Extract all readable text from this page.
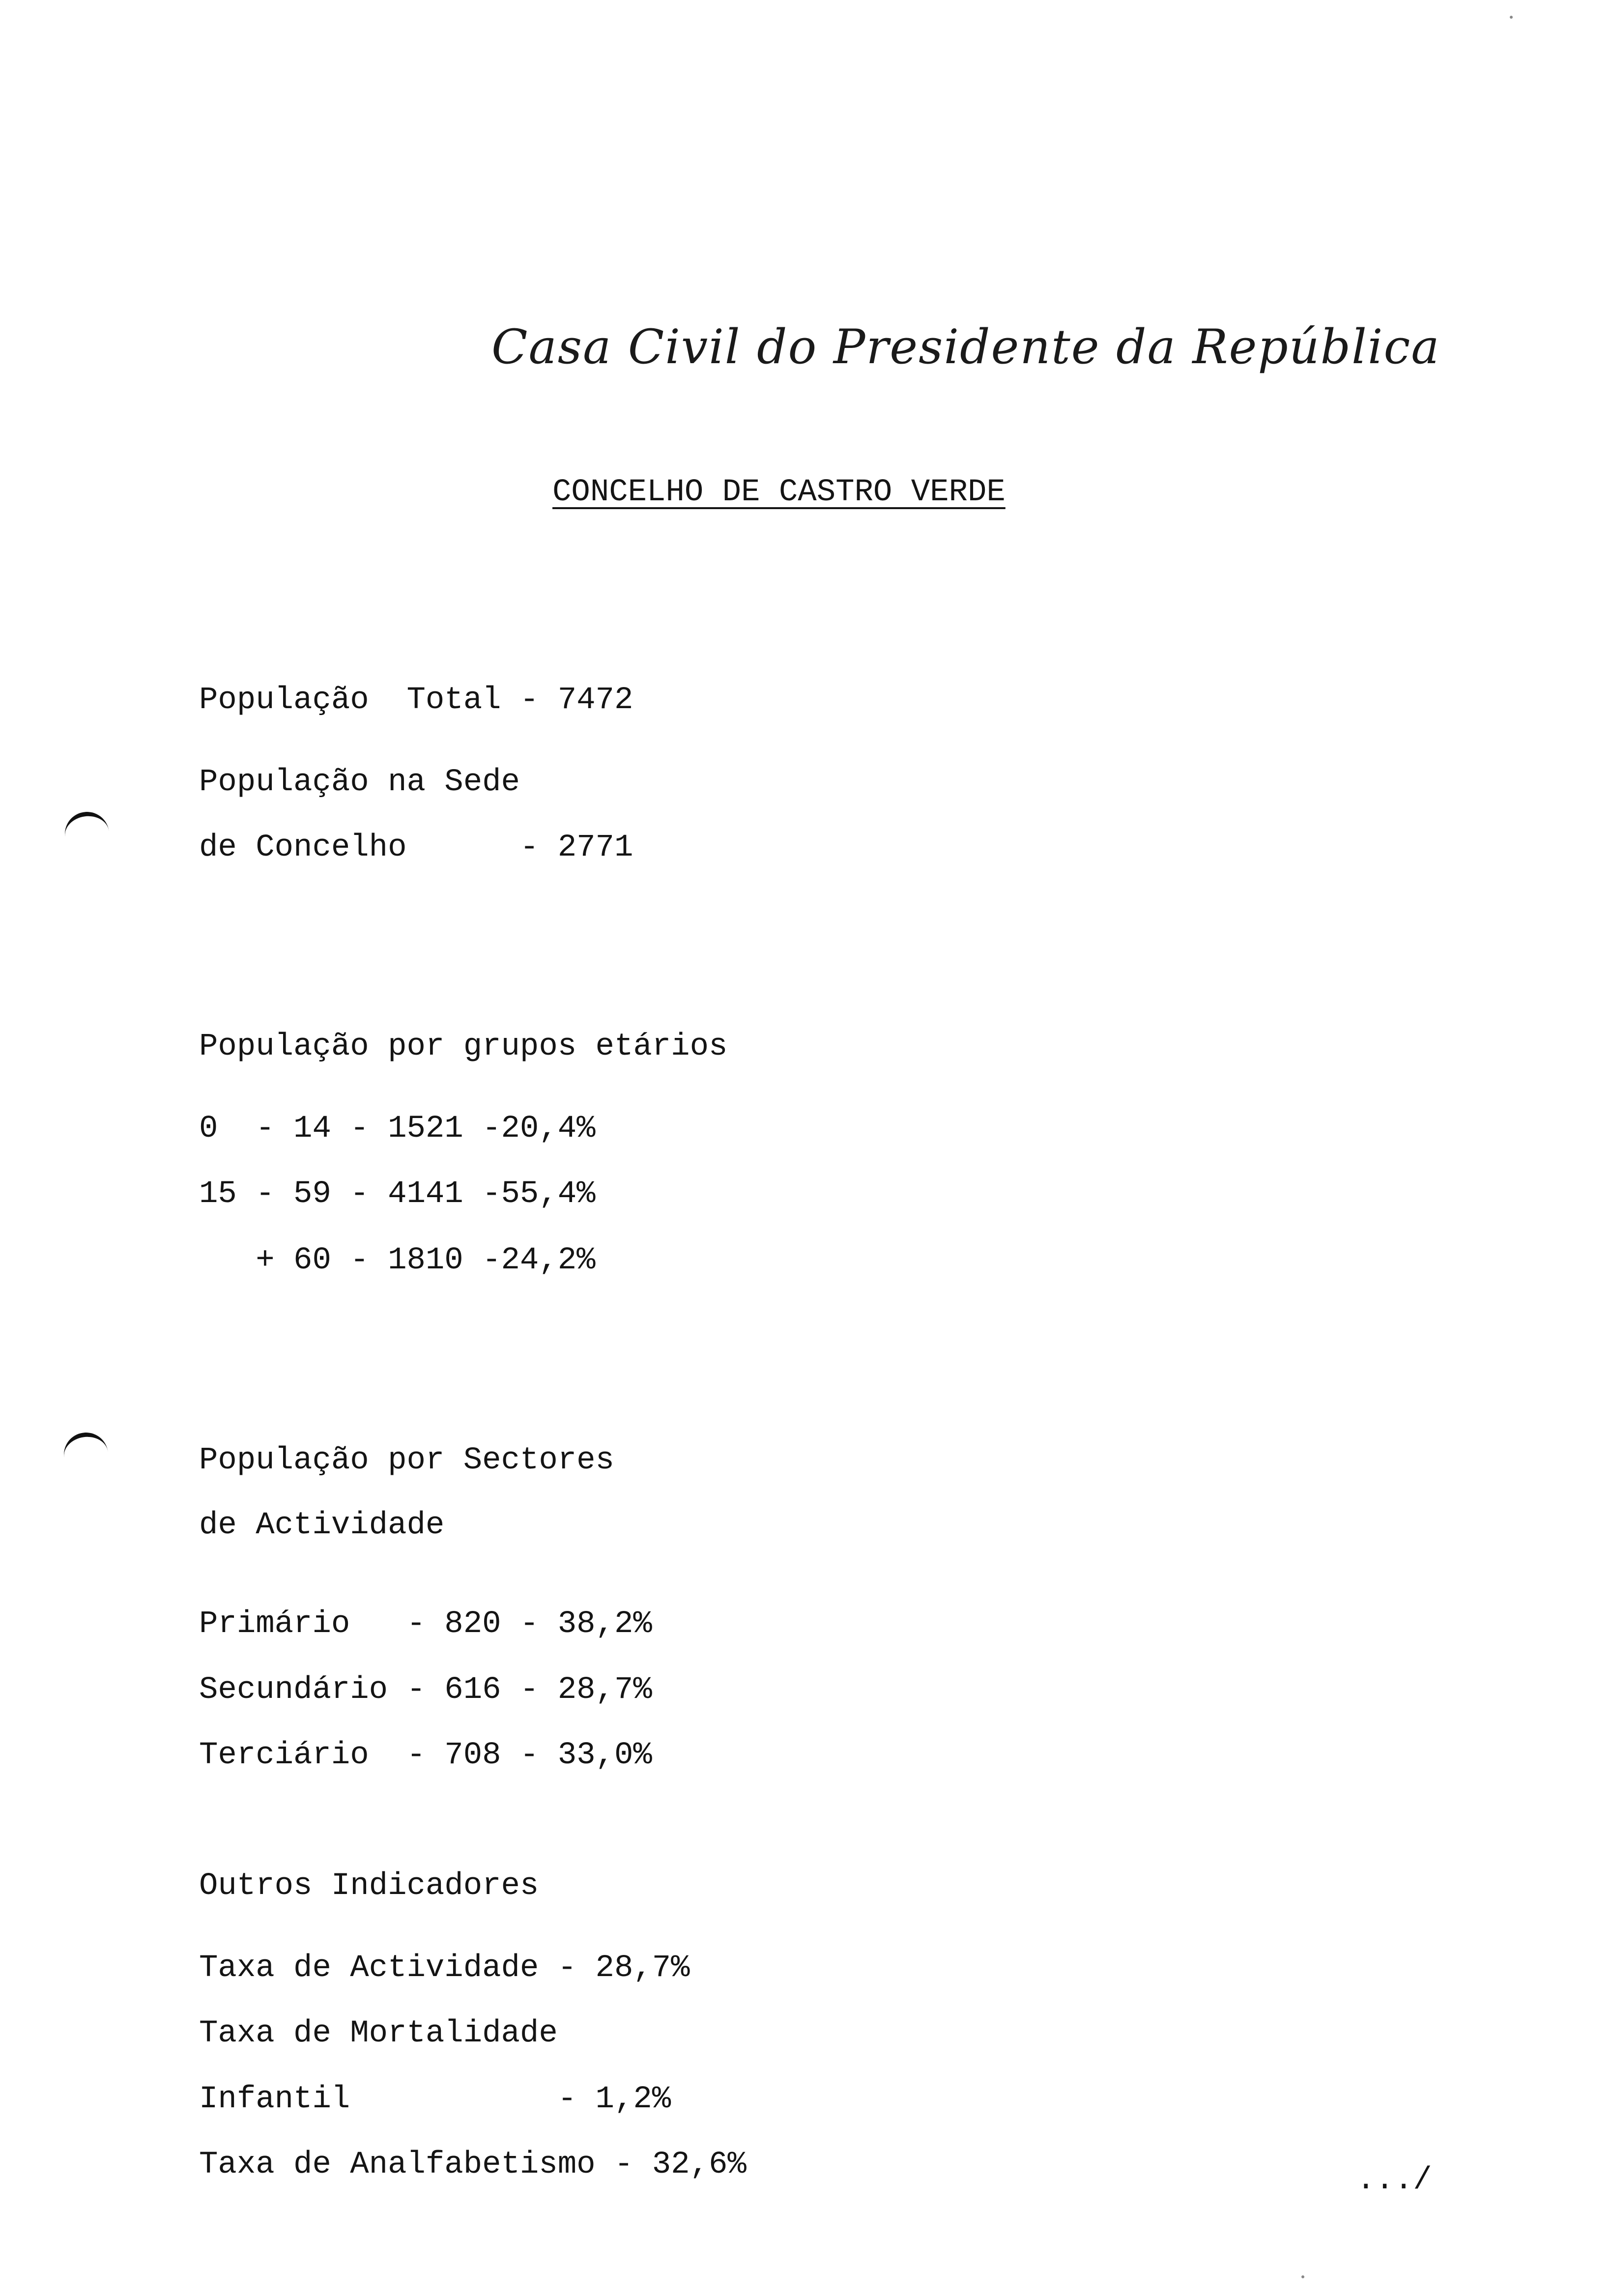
Casa Civil do Presidente da República
CONCELHO DE CASTRO VERDE
População  Total - 7472
População na Sede
de Concelho      - 2771
População por grupos etários
0  - 14 - 1521 -20,4%
15 - 59 - 4141 -55,4%
+ 60 - 1810 -24,2%
População por Sectores
de Actividade
Primário   - 820 - 38,2%
Secundário - 616 - 28,7%
Terciário  - 708 - 33,0%
Outros Indicadores
Taxa de Actividade - 28,7%
Taxa de Mortalidade
Infantil           - 1,2%
Taxa de Analfabetismo - 32,6%	.../
